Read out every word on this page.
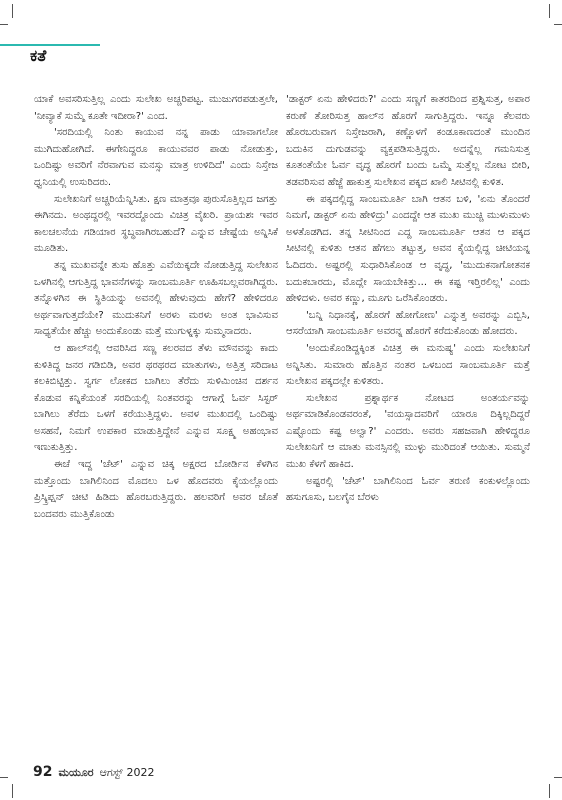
ಕತೆ

ಯಾಕೆ ಅವಸರಿಸುತ್ತಿಲ್ಲ ಎಂದು ಸುಲೇಖ ಅಚ್ಚರಿಪಟ್ಟ. ಮುಜುಗರಪಡುತ್ತಲೇ, 'ನೀವ್ಯಾಕೆ ಸುಮ್ಮೆ ಕೂತೇ ಇದೀರಾ?' ಎಂದ.

'ಸರದಿಯಲ್ಲಿ ನಿಂತು ಕಾಯುವ ನನ್ನ ಪಾಡು ಯಾವಾಗಲೋ ಮುಗಿದುಹೋಗಿದೆ. ಈಗೇನಿದ್ದರೂ ಕಾಯುವವರ ಪಾಡು ನೋಡುತ್ತು, ಒಂದಿಷ್ಟು ಅವರಿಗೆ ನೆರವಾಗುವ ಮನಸ್ಸು ಮಾತ್ರ ಉಳಿದಿದೆ' ಎಂದು ನಿಸ್ತೇಜ ಧ್ವನಿಯಲ್ಲಿ ಉಸುರಿದರು.

ಸುಲೇಖನಿಗೆ ಅಚ್ಚರಿಯೆನ್ನಿಸಿತು. ಕ್ಷಣ ಮಾತ್ರವೂ ಪುರುಸೊತ್ತಿಲ್ಲದ ಜಗತ್ತು ಈಗಿನದು. ಅಂಥದ್ದರಲ್ಲಿ ಇವರದ್ದೊಂದು ವಿಚಿತ್ರ ವೈಖರಿ. ಪ್ರಾಯಶಃ ಇವರ ಕಾಲಚಲನೆಯ ಗಡಿಯಾರ ಸ್ಥಬ್ಧವಾಗಿರಬಹುದೆ? ಎನ್ನುವ ಚೇಷ್ಟೆಯ ಅನ್ನಿಸಿಕೆ ಮೂಡಿತು.

ತನ್ನ ಮುಖವನ್ನೇ ತುಸು ಹೊತ್ತು ಎವೆಯಿಕ್ಕದೇ ನೋಡುತ್ತಿದ್ದ ಸುಲೇಖನ ಒಳಗಿನಲ್ಲಿ ಆಗುತ್ತಿದ್ದ ಭಾವನೆಗಳನ್ನು ಸಾಂಬಮೂರ್ತಿ ಊಹಿಸಬಲ್ಲವರಾಗಿದ್ದರು. ತನ್ನೊಳಗಿನ ಈ ಸ್ಥಿತಿಯನ್ನು ಅವನಲ್ಲಿ ಹೇಳುವುದು ಹೇಗೆ? ಹೇಳಿದರೂ ಅರ್ಥವಾಗುತ್ತದೆಯೇ? ಮುದುಕನಿಗೆ ಅರಳು ಮರಳು ಅಂತ ಭಾವಿಸುವ ಸಾಧ್ಯತೆಯೇ ಹೆಚ್ಚು ಅಂದುಕೊಂಡು ಮತ್ತೆ ಮುಗುಳ್ನಕ್ಕು ಸುಮ್ಮನಾದರು.

ಆ ಹಾಲ್‌ನಲ್ಲಿ ಆವರಿಸಿದ ಸಣ್ಣ ಕಲರವದ ತೆಳು ಮೌನವನ್ನು ಕಾದು ಕುಳಿತಿದ್ದ ಜನರ ಗಡಿಬಿಡಿ, ಅವರ ಥರಥರದ ಮಾತುಗಳು, ಅತ್ತಿತ್ತ ಸರಿದಾಟ ಕಲಕಿಬಿಟ್ಟಿತ್ತು. ಸ್ವರ್ಗ ಲೋಕದ ಬಾಗಿಲು ತೆರೆದು ಸುಳಿಮಿಂಚಿನ ದರ್ಶನ ಕೊಡುವ ಕನ್ನಿಕೆಯಂತೆ ಸರದಿಯಲ್ಲಿ ನಿಂತವರನ್ನು ಆಗಾಗ್ಗೆ ಓರ್ವ ಸಿಸ್ಟರ್ ಬಾಗಿಲು ತೆರೆದು ಒಳಗೆ ಕರೆಯುತ್ತಿದ್ದಳು. ಅವಳ ಮುಖದಲ್ಲಿ ಒಂದಿಷ್ಟು ಅಸಹನೆ, ನಿಮಗೆ ಉಪಕಾರ ಮಾಡುತ್ತಿದ್ದೇನೆ ಎನ್ನುವ ಸೂಕ್ಷ್ಮ ಅಹಂಭಾವ ಇಣುಕುತ್ತಿತ್ತು.

ಈಚೆ ಇದ್ದ 'ಚೆಟ್' ಎನ್ನುವ ಚಿಕ್ಕ ಅಕ್ಷರದ ಬೋರ್ಡಿನ ಕೆಳಗಿನ ಮತ್ತೊಂದು ಬಾಗಿಲಿನಿಂದ ಮೊದಲು ಒಳ ಹೊದವರು ಕೈಯಲ್ಲೊಂದು ಪ್ರಿಸ್ಕ್ರಿಪ್ಷನ್ ಚೀಟಿ ಹಿಡಿದು ಹೊರಬರುತ್ತಿದ್ದರು. ಹಲವರಿಗೆ ಅವರ ಜೊತೆ ಬಂದವರು ಮುತ್ತಿಕೊಂಡು

'ಡಾಕ್ಟರ್ ಏನು ಹೇಳಿದರು?' ಎಂದು ಸಣ್ಣಗೆ ಕಾತರದಿಂದ ಪ್ರಶ್ನಿಸುತ್ತ, ಅಪಾರ ಕರುಣೆ ತೋರಿಸುತ್ತ ಹಾಲ್‌ನ ಹೊರಗೆ ಸಾಗುತ್ತಿದ್ದರು. ಇನ್ನೂ ಕೆಲವರು ಹೊರಬರುವಾಗ ನಿಸ್ತೇಜರಾಗಿ, ಕಣ್ಣೊಳಗೆ ಕಂಡೂಕಾಣದಂತೆ ಮುಂದಿನ ಬದುಕಿನ ದುಗುಡವನ್ನು ವ್ಯಕ್ತಪಡಿಸುತ್ತಿದ್ದರು. ಅದನ್ನೆಲ್ಲ ಗಮನಿಸುತ್ತ ಕೂತಂತೆಯೇ ಓರ್ವ ವೃದ್ಧ ಹೊರಗೆ ಬಂದು ಒಮ್ಮೆ ಸುತ್ತೆಲ್ಲ ನೋಟ ಬೀರಿ, ತಡವರಿಸುವ ಹೆಜ್ಜೆ ಹಾಕುತ್ತ ಸುಲೇಖನ ಪಕ್ಕದ ಖಾಲಿ ಸೀಟಿನಲ್ಲಿ ಕುಳಿತ.

ಈ ಪಕ್ಕದಲ್ಲಿದ್ದ ಸಾಂಬಮೂರ್ತಿ ಬಾಗಿ ಆತನ ಬಳಿ, 'ಏನು ತೊಂದರೆ ನಿಮಗೆ, ಡಾಕ್ಟರ್ ಏನು ಹೇಳಿದ್ರು' ಎಂದದ್ದೇ ಆತ ಮುಖ ಮುಚ್ಚಿ ಮುಳುಮುಳು ಅಳತೊಡಗಿದ. ತನ್ನ ಸೀಟಿನಿಂದ ಎದ್ದ ಸಾಂಬಮೂರ್ತಿ ಆತನ ಆ ಪಕ್ಕದ ಸೀಟಿನಲ್ಲಿ ಕುಳಿತು ಆತನ ಹೆಗಲು ತಟ್ಟುತ್ತ, ಅವನ ಕೈಯಲ್ಲಿದ್ದ ಚೀಟಿಯನ್ನ ಓದಿದರು. ಅಷ್ಟರಲ್ಲಿ ಸುಧಾರಿಸಿಕೊಂಡ ಆ ವೃದ್ಧ, 'ಮುದುಕನಾಗೋತನಕ ಬದುಕಬಾರದು, ಮೊದ್ಲೇ ಸಾಯಬೇಕಿತ್ತು... ಈ ಕಷ್ಟ ಇರ್‍ತಿರಲಿಲ್ಲ' ಎಂದು ಹೇಳಿದಳು. ಅವರ ಕಣ್ಣು, ಮೂಗು ಒರೆಸಿಕೊಂಡರು.

'ಬನ್ನಿ ನಿಧಾನಕ್ಕೆ, ಹೊರಗೆ ಹೋಗೋಣ' ಎನ್ನುತ್ತ ಅವರನ್ನು ಎಬ್ಬಿಸಿ, ಆಸರೆಯಾಗಿ ಸಾಂಬಮೂರ್ತಿ ಅವರನ್ನ ಹೊರಗೆ ಕರೆದುಕೊಂಡು ಹೋದರು.

'ಅಂದುಕೊಂಡಿದ್ದಕ್ಕಿಂತ ವಿಚಿತ್ರ ಈ ಮನುಷ್ಯ' ಎಂದು ಸುಲೇಖನಿಗೆ ಅನ್ನಿಸಿತು. ಸುಮಾರು ಹೊತ್ತಿನ ನಂತರ ಒಳಬಂದ ಸಾಂಬಮೂರ್ತಿ ಮತ್ತೆ ಸುಲೇಖನ ಪಕ್ಕದಲ್ಲೇ ಕುಳಿತರು.

ಸುಲೇಖನ ಪ್ರಶ್ನಾರ್ಥಕ ನೋಟದ ಅಂತರ್ಯವನ್ನು ಅರ್ಥಮಾಡಿಕೊಂಡವರಂತೆ, 'ವಯಸ್ಸಾದವರಿಗೆ ಯಾರೂ ದಿಕ್ಕಿಲ್ಲದಿದ್ದರೆ ಎಷ್ಟೊಂದು ಕಷ್ಟ ಅಲ್ವಾ?' ಎಂದರು. ಅವರು ಸಹಜವಾಗಿ ಹೇಳಿದ್ದರೂ ಸುಲೇಖನಿಗೆ ಆ ಮಾತು ಮನಸ್ಸಿನಲ್ಲಿ ಮುಳ್ಳು ಮುರಿದಂತೆ ಆಯಿತು. ಸುಮ್ಮನೆ ಮುಖ ಕೆಳಗೆ ಹಾಕಿದ.

ಅಷ್ಟರಲ್ಲಿ 'ಚೆಟ್' ಬಾಗಿಲಿನಿಂದ ಓರ್ವ ತರುಣಿ ಕಂಕುಳಲ್ಲೊಂದು ಹಸುಗೂಸು, ಬಲಗೈನ ಬೆರಳು

92 ಮಯೂರ ಆಗಸ್ಟ್ 2022
